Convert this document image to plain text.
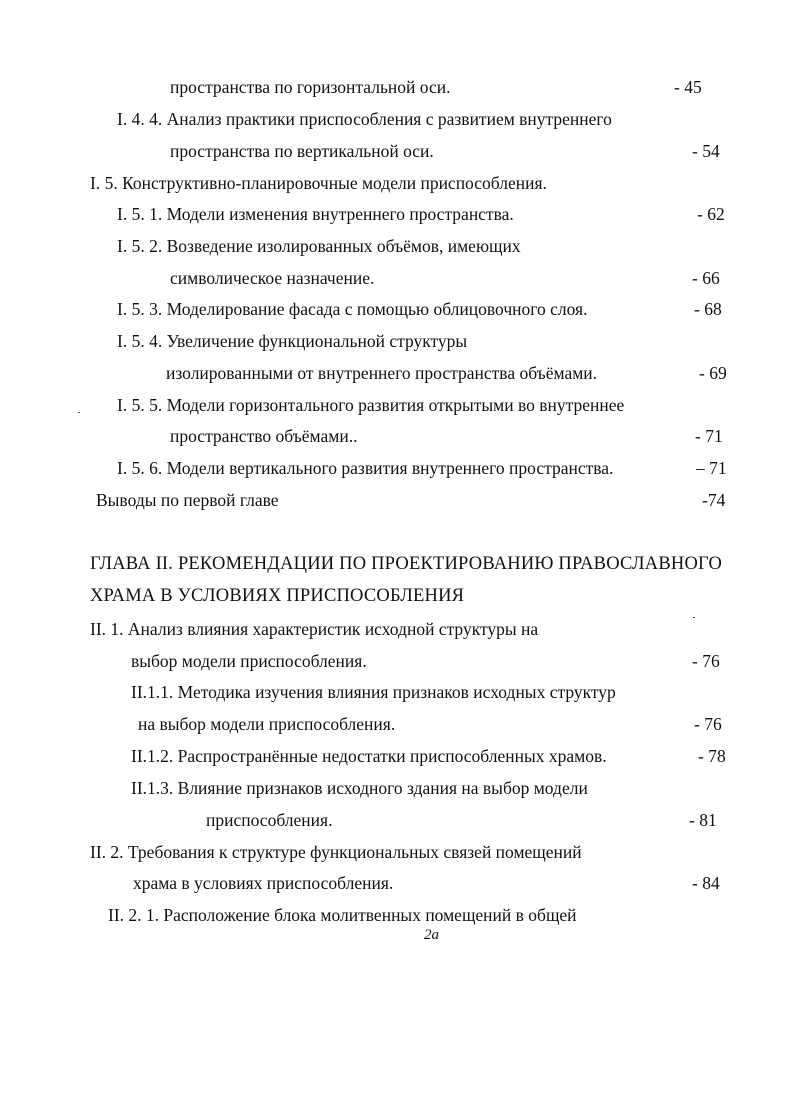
пространства по горизонтальной оси.	- 45
I. 4. 4. Анализ практики приспособления с развитием внутреннего
пространства по вертикальной оси.	- 54
I. 5. Конструктивно-планировочные модели приспособления.
I. 5. 1. Модели изменения внутреннего пространства.	- 62
I. 5. 2. Возведение изолированных объёмов, имеющих
символическое назначение.	- 66
I. 5. 3. Моделирование фасада с помощью облицовочного слоя.	- 68
I. 5. 4. Увеличение функциональной структуры
изолированными от внутреннего пространства объёмами.	- 69
I. 5. 5. Модели горизонтального развития открытыми во внутреннее
пространство объёмами..	- 71
I. 5. 6. Модели вертикального развития внутреннего пространства.	– 71
Выводы по первой главе	-74
ГЛАВА II. РЕКОМЕНДАЦИИ ПО ПРОЕКТИРОВАНИЮ ПРАВОСЛАВНОГО
ХРАМА В УСЛОВИЯХ ПРИСПОСОБЛЕНИЯ
II. 1. Анализ влияния характеристик исходной структуры на
выбор модели приспособления.	- 76
II.1.1. Методика изучения влияния признаков исходных структур
на выбор модели приспособления.	- 76
II.1.2. Распространённые недостатки приспособленных храмов.	- 78
II.1.3. Влияние признаков исходного здания на выбор модели
приспособления.	- 81
II. 2. Требования к структуре функциональных связей помещений
храма в условиях приспособления.	- 84
II. 2. 1. Расположение блока молитвенных помещений в общей
2а
